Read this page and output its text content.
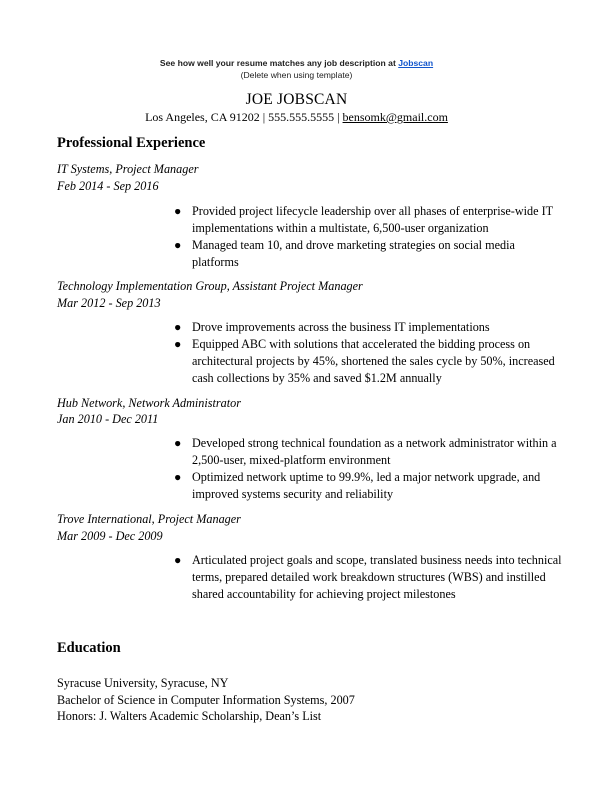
See how well your resume matches any job description at Jobscan
(Delete when using template)
JOE JOBSCAN
Los Angeles, CA 91202 | 555.555.5555 | bensomk@gmail.com
Professional Experience
IT Systems, Project Manager
Feb 2014 - Sep 2016
● Provided project lifecycle leadership over all phases of enterprise-wide IT implementations within a multistate, 6,500-user organization
● Managed team 10, and drove marketing strategies on social media platforms
Technology Implementation Group, Assistant Project Manager
Mar 2012 - Sep 2013
● Drove improvements across the business IT implementations
● Equipped ABC with solutions that accelerated the bidding process on architectural projects by 45%, shortened the sales cycle by 50%, increased cash collections by 35% and saved $1.2M annually
Hub Network, Network Administrator
Jan 2010 - Dec 2011
● Developed strong technical foundation as a network administrator within a 2,500-user, mixed-platform environment
● Optimized network uptime to 99.9%, led a major network upgrade, and improved systems security and reliability
Trove International, Project Manager
Mar 2009 - Dec 2009
● Articulated project goals and scope, translated business needs into technical terms, prepared detailed work breakdown structures (WBS) and instilled shared accountability for achieving project milestones
Education
Syracuse University, Syracuse, NY
Bachelor of Science in Computer Information Systems, 2007
Honors: J. Walters Academic Scholarship, Dean’s List
